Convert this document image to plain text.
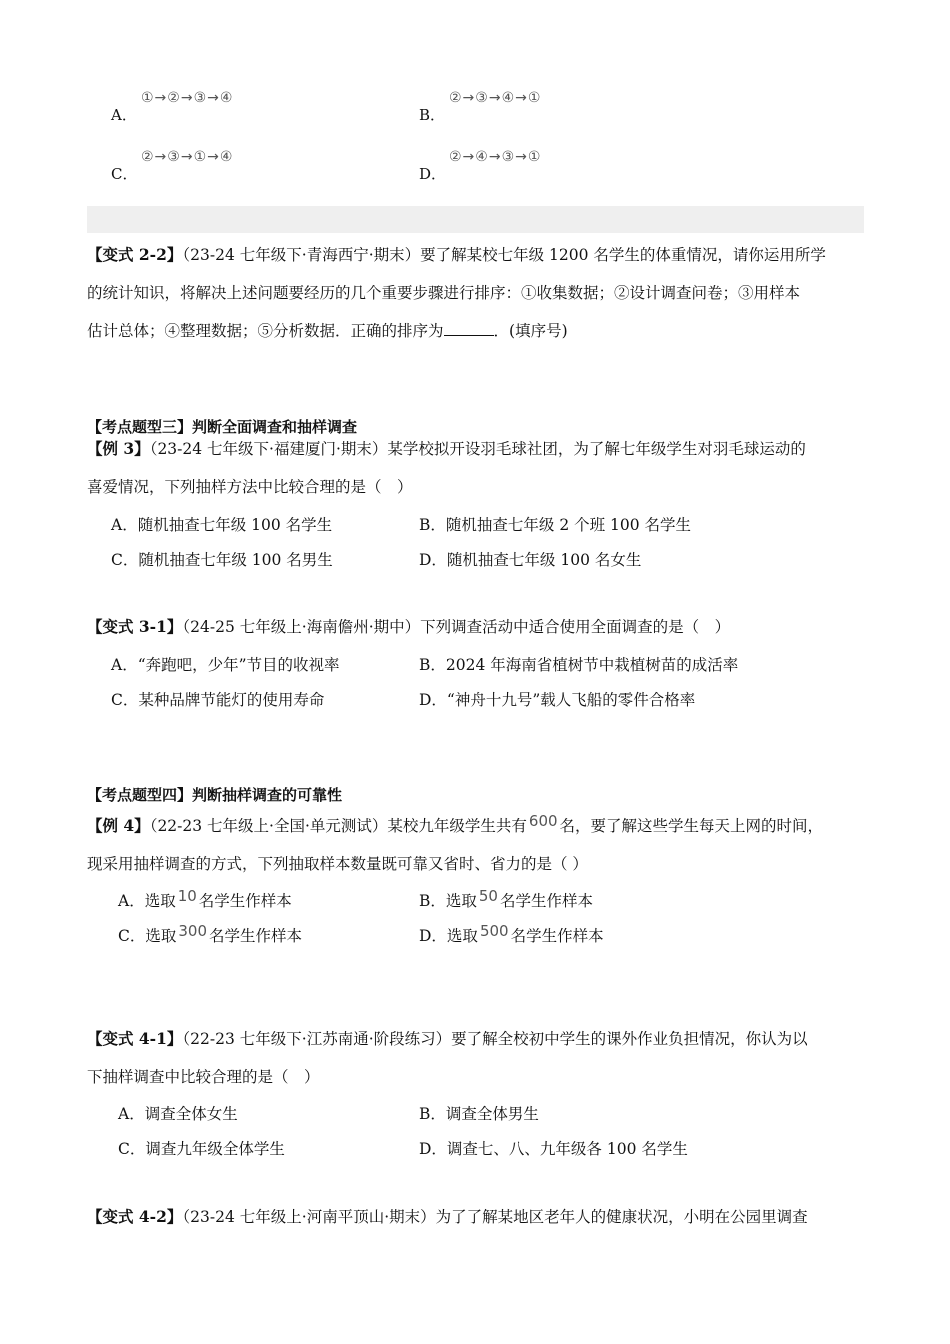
①→②→③→④
A．
②→③→④→①
B．
②→③→①→④
C．
②→④→③→①
D．
【变式 2-2】（23-24 七年级下·青海西宁·期末）要了解某校七年级 1200 名学生的体重情况，请你运用所学
的统计知识，将解决上述问题要经历的几个重要步骤进行排序：①收集数据；②设计调查问卷；③用样本
估计总体；④整理数据；⑤分析数据．正确的排序为	．(填序号)
【考点题型三】判断全面调查和抽样调查
【例 3】（23-24 七年级下·福建厦门·期末）某学校拟开设羽毛球社团，为了解七年级学生对羽毛球运动的
喜爱情况，下列抽样方法中比较合理的是（　）
A．随机抽查七年级 100 名学生	B．随机抽查七年级 2 个班 100 名学生
C．随机抽查七年级 100 名男生	D．随机抽查七年级 100 名女生
【变式 3-1】（24-25 七年级上·海南儋州·期中）下列调查活动中适合使用全面调查的是（　）
A．“奔跑吧，少年”节目的收视率	B．2024 年海南省植树节中栽植树苗的成活率
C．某种品牌节能灯的使用寿命	D．“神舟十九号”载人飞船的零件合格率
【考点题型四】判断抽样调查的可靠性
【例 4】（22-23 七年级上·全国·单元测试）某校九年级学生共有 600 名，要了解这些学生每天上网的时间，
现采用抽样调查的方式，下列抽取样本数量既可靠又省时、省力的是（ ）
A．选取 10 名学生作样本	B．选取 50 名学生作样本
C．选取 300 名学生作样本	D．选取 500 名学生作样本
【变式 4-1】（22-23 七年级下·江苏南通·阶段练习）要了解全校初中学生的课外作业负担情况，你认为以
下抽样调查中比较合理的是（　）
A．调查全体女生	B．调查全体男生
C．调查九年级全体学生	D．调查七、八、九年级各 100 名学生
【变式 4-2】（23-24 七年级上·河南平顶山·期末）为了了解某地区老年人的健康状况，小明在公园里调查
